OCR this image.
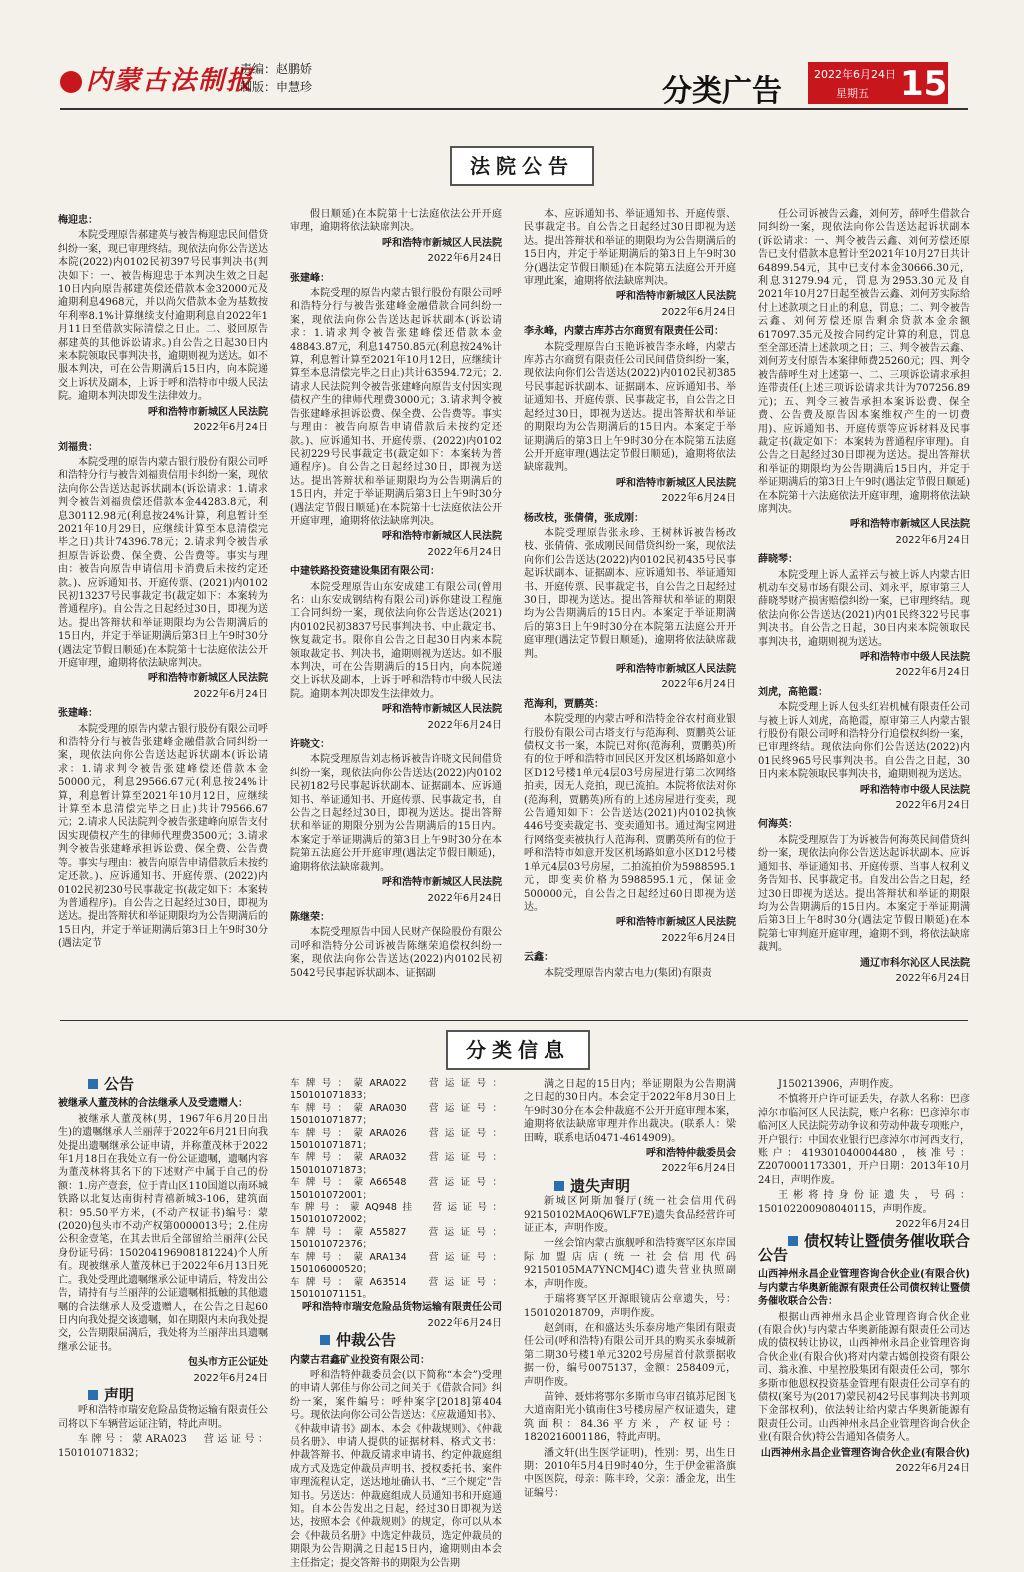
内蒙古法制报
责编：赵鹏娇
制版：申慧珍	分类广告	2022年6月24日
星期五 15
法院公告

梅迎忠：

本院受理原告郝建英与被告梅迎忠民间借贷纠纷一案，现已审理终结。现依法向你公告送达本院(2022)内0102民初397号民事判决书(判决如下：一、被告梅迎忠于本判决生效之日起10日内向原告郝建英偿还借款本金32000元及逾期利息4968元，并以尚欠借款本金为基数按年利率8.1%计算继续支付逾期利息自2022年1月11日至借款实际清偿之日止。二、驳回原告郝建英的其他诉讼请求。)自公告之日起30日内来本院领取民事判决书，逾期则视为送达。如不服本判决，可在公告期满后15日内，向本院递交上诉状及副本，上诉于呼和浩特市中级人民法院。逾期本判决即发生法律效力。

呼和浩特市新城区人民法院

2022年6月24日

刘福贵：

本院受理的原告内蒙古银行股份有限公司呼和浩特分行与被告刘福贵信用卡纠纷一案，现依法向你公告送达起诉状副本(诉讼请求：1.请求判令被告刘福贵偿还借款本金44283.8元，利息30112.98元(利息按24%计算，利息暂计至2021年10月29日，应继续计算至本息清偿完毕之日)共计74396.78元；2.请求判令被告承担原告诉讼费、保全费、公告费等。事实与理由：被告向原告申请信用卡消费后未按约定还款。)、应诉通知书、开庭传票、(2021)内0102民初13237号民事裁定书(裁定如下：本案转为普通程序)。自公告之日起经过30日，即视为送达。提出答辩状和举证期限均为公告期满后的15日内，并定于举证期满后第3日上午9时30分(遇法定节假日顺延)在本院第十七法庭依法公开开庭审理，逾期将依法缺席判决。

呼和浩特市新城区人民法院

2022年6月24日

张建峰：

本院受理的原告内蒙古银行股份有限公司呼和浩特分行与被告张建峰金融借款合同纠纷一案，现依法向你公告送达起诉状副本(诉讼请求：1.请求判令被告张建峰偿还借款本金50000元，利息29566.67元(利息按24%计算，利息暂计算至2021年10月12日，应继续计算至本息清偿完毕之日止)共计79566.67元；2.请求人民法院判令被告张建峰向原告支付因实现债权产生的律师代理费3500元；3.请求判令被告张建峰承担诉讼费、保全费、公告费等。事实与理由：被告向原告申请借款后未按约定还款。)、应诉通知书、开庭传票、(2022)内0102民初230号民事裁定书(裁定如下：本案转为普通程序)。自公告之日起经过30日，即视为送达。提出答辩状和举证期限均为公告期满后的15日内，并定于举证期满后第3日上午9时30分(遇法定节

假日顺延)在本院第十七法庭依法公开开庭审理，逾期将依法缺席判决。

呼和浩特市新城区人民法院

2022年6月24日

张建峰：

本院受理的原告内蒙古银行股份有限公司呼和浩特分行与被告张建峰金融借款合同纠纷一案，现依法向你公告送达起诉状副本(诉讼请求：1.请求判令被告张建峰偿还借款本金48843.87元，利息14750.85元(利息按24%计算，利息暂计算至2021年10月12日，应继续计算至本息清偿完毕之日止)共计63594.72元；2.请求人民法院判令被告张建峰向原告支付因实现债权产生的律师代理费3000元；3.请求判令被告张建峰承担诉讼费、保全费、公告费等。事实与理由：被告向原告申请借款后未按约定还款。)、应诉通知书、开庭传票、(2022)内0102民初229号民事裁定书(裁定如下：本案转为普通程序)。自公告之日起经过30日，即视为送达。提出答辩状和举证期限均为公告期满后的15日内，并定于举证期满后第3日上午9时30分(遇法定节假日顺延)在本院第十七法庭依法公开开庭审理，逾期将依法缺席判决。

呼和浩特市新城区人民法院

2022年6月24日

中建铁路投资建设集团有限公司：

本院受理原告山东安成建工有限公司(曾用名：山东安成钢结构有限公司)诉你建设工程施工合同纠纷一案，现依法向你公告送达(2021)内0102民初3837号民事判决书、中止裁定书、恢复裁定书。限你自公告之日起30日内来本院领取裁定书、判决书，逾期则视为送达。如不服本判决，可在公告期满后的15日内，向本院递交上诉状及副本，上诉于呼和浩特市中级人民法院。逾期本判决即发生法律效力。

呼和浩特市新城区人民法院

2022年6月24日

许晓文：

本院受理原告刘志杨诉被告许晓文民间借贷纠纷一案，现依法向你公告送达(2022)内0102民初182号民事起诉状副本、证据副本、应诉通知书、举证通知书、开庭传票、民事裁定书，自公告之日起经过30日，即视为送达。提出答辩状和举证的期限分别为公告期满后的15日内。本案定于举证期满后的第3日上午9时30分在本院第五法庭公开开庭审理(遇法定节假日顺延)，逾期将依法缺席裁判。

呼和浩特市新城区人民法院

2022年6月24日

陈继荣：

本院受理原告中国人民财产保险股份有限公司呼和浩特分公司诉被告陈继荣追偿权纠纷一案，现依法向你公告送达(2022)内0102民初5042号民事起诉状副本、证据副

本、应诉通知书、举证通知书、开庭传票、民事裁定书。自公告之日起经过30日即视为送达。提出答辩状和举证的期限均为公告期满后的15日内，并定于举证期满后的第3日上午9时30分(遇法定节假日顺延)在本院第五法庭公开开庭审理此案，逾期将依法缺席判决。

呼和浩特市新城区人民法院

2022年6月24日

李永峰，内蒙古库苏古尔商贸有限责任公司：

本院受理原告白玉艳诉被告李永峰，内蒙古库苏古尔商贸有限责任公司民间借贷纠纷一案，现依法向你们公告送达(2022)内0102民初385号民事起诉状副本、证据副本、应诉通知书、举证通知书、开庭传票、民事裁定书，自公告之日起经过30日，即视为送达。提出答辩状和举证的期限均为公告期满后的15日内。本案定于举证期满后的第3日上午9时30分在本院第五法庭公开开庭审理(遇法定节假日顺延)，逾期将依法缺席裁判。

呼和浩特市新城区人民法院

2022年6月24日

杨改枝，张倩倩，张成刚：

本院受理原告张永珍、王树林诉被告杨改枝、张倩倩、张成刚民间借贷纠纷一案，现依法向你们公告送达(2022)内0102民初435号民事起诉状副本、证据副本、应诉通知书、举证通知书、开庭传票、民事裁定书，自公告之日起经过30日，即视为送达。提出答辩状和举证的期限均为公告期满后的15日内。本案定于举证期满后的第3日上午9时30分在本院第五法庭公开开庭审理(遇法定节假日顺延)，逾期将依法缺席裁判。

呼和浩特市新城区人民法院

2022年6月24日

范海利，贾鹏英：

本院受理的内蒙古呼和浩特金谷农村商业银行股份有限公司古塔支行与范海利、贾鹏英公证债权文书一案，本院已对你(范海利，贾鹏英)所有的位于呼和浩特市回民区开发区机场路如意小区D12号楼1单元4层03号房屋进行第二次网络拍卖，因无人竞拍，现已流拍。本院将依法对你(范海利，贾鹏英)所有的上述房屋进行变卖，现公告通知如下：公告送达(2021)内0102执恢446号变卖裁定书、变卖通知书。通过淘宝网进行网络变卖被执行人范海利、贾鹏英所有的位于呼和浩特市如意开发区机场路如意小区D12号楼1单元4层03号房屋，二拍流拍价为5988595.1元，即变卖价格为5988595.1元，保证金500000元，自公告之日起经过60日即视为送达。

呼和浩特市新城区人民法院

2022年6月24日

云鑫：

本院受理原告内蒙古电力(集团)有限责

任公司诉被告云鑫，刘何芳，薛呼生借款合同纠纷一案，现依法向你公告送达起诉状副本(诉讼请求：一、判令被告云鑫、刘何芳偿还原告已支付借款本息暂计至2021年10月27日共计64899.54元，其中已支付本金30666.30元，利息31279.94元，罚息为2953.30元及自2021年10月27日起至被告云鑫、刘何芳实际给付上述款项之日止的利息，罚息；二、判令被告云鑫、刘何芳偿还原告剩余贷款本金余额617097.35元及按合同约定计算的利息，罚息至全部还清上述款项之日；三、判令被告云鑫、刘何芳支付原告本案律师费25260元；四、判令被告薛呼生对上述第一、二、三项诉讼请求承担连带责任(上述三项诉讼请求共计为707256.89元)；五、判令三被告承担本案诉讼费、保全费、公告费及原告因本案维权产生的一切费用)、应诉通知书、开庭传票等应诉材料及民事裁定书(裁定如下：本案转为普通程序审理)。自公告之日起经过30日即视为送达。提出答辩状和举证的期限均为公告期满后15日内，并定于举证期满后的第3日上午9时(遇法定节假日顺延)在本院第十六法庭依法开庭审理，逾期将依法缺席判决。

呼和浩特市新城区人民法院

2022年6月24日

薛晓琴：

本院受理上诉人孟祥云与被上诉人内蒙古旧机动车交易市场有限公司、刘永平，原审第三人薛晓琴财产损害赔偿纠纷一案，已审理终结。现依法向你公告送达(2021)内01民终322号民事判决书。自公告之日起，30日内来本院领取民事判决书，逾期则视为送达。

呼和浩特市中级人民法院

2022年6月24日

刘虎，高艳霞：

本院受理上诉人包头红岩机械有限责任公司与被上诉人刘虎，高艳霞，原审第三人内蒙古银行股份有限公司呼和浩特分行追偿权纠纷一案，已审理终结。现依法向你们公告送达(2022)内01民终965号民事判决书。自公告之日起，30日内来本院领取民事判决书，逾期则视为送达。

呼和浩特市中级人民法院

2022年6月24日

何海英：

本院受理原告丁为诉被告何海英民间借贷纠纷一案，现依法向你公告送达起诉状副本、应诉通知书、举证通知书、开庭传票、当事人权利义务告知书、民事裁定书。自发出公告之日起，经过30日即视为送达。提出答辩状和举证的期限均为公告期满后的15日内。本案定于举证期满后第3日上午8时30分(遇法定节假日顺延)在本院第七审判庭开庭审理，逾期不到，将依法缺席裁判。

通辽市科尔沁区人民法院

2022年6月24日

分类信息

公告

被继承人董茂林的合法继承人及受遗赠人：

被继承人董茂林(男，1967年6月20日出生)的遗嘱继承人兰丽萍于2022年6月21日向我处提出遗嘱继承公证申请，并称董茂林于2022年1月18日在我处立有一份公证遗嘱，遗嘱内容为董茂林将其名下的下述财产中属于自己的份额：1.房产壹套，位于青山区110国道以南环城铁路以北复达南街村青禧新城3-106，建筑面积：95.50平方米，(不动产权证书)编号：蒙(2020)包头市不动产权第0000013号；2.住房公积金壹笔，在其去世后全部留给兰丽萍(公民身份证号码：150204196908181224)个人所有。现被继承人董茂林已于2022年6月13日死亡。我处受理此遗嘱继承公证申请后，特发出公告，请持有与兰丽萍的公证遗嘱相抵触的其他遗嘱的合法继承人及受遗赠人，在公告之日起60日内向我处提交该遗嘱，如在期限内未向我处提交，公告期限届满后，我处将为兰丽萍出具遗嘱继承公证书。

包头市方正公证处

2022年6月24日

声明

呼和浩特市瑞安危险品货物运输有限责任公司将以下车辆营运证注销，特此声明。

车牌号：蒙ARA023　营运证号：150101071832；

车牌号：蒙ARA022　营运证号：150101071833；
车牌号：蒙ARA030　营运证号：150101071877；
车牌号：蒙ARA026　营运证号：150101071871；
车牌号：蒙ARA032　营运证号：150101071873；
车牌号：蒙A66548　营运证号：150101072001；
车牌号：蒙AQ948挂　营运证号：150101072002；
车牌号：蒙A55827　营运证号：150101072376；
车牌号：蒙ARA134　营运证号：150106000520；
车牌号：蒙A63514　营运证号：150101071151。

呼和浩特市瑞安危险品货物运输有限责任公司

2022年6月24日

仲裁公告

内蒙古君鑫矿业投资有限公司：

呼和浩特仲裁委员会(以下简称“本会”)受理的申请人郭佳与你公司之间关于《借款合同》纠纷一案，案件编号：呼仲案字[2018]第404号。现依法向你公司公告送达：《应裁通知书》、《仲裁申请书》副本、本会《仲裁规则》、《仲裁员名册》、申请人提供的证据材料、格式文书：仲裁答辩书、仲裁反请求申请书、约定仲裁庭组成方式及选定仲裁员声明书、授权委托书、案件审理流程认定，送达地址确认书、“三个规定”告知书。另送达：仲裁庭组成人员通知书和开庭通知。自本公告发出之日起，经过30日即视为送达，按照本会《仲裁规则》的规定，你可以从本会《仲裁员名册》中选定仲裁员，选定仲裁员的期限为公告期满之日起15日内，逾期则由本会主任指定；提交答辩书的期限为公告期

满之日起的15日内；举证期限为公告期满之日起的30日内。本会定于2022年8月30日上午9时30分在本会仲裁庭不公开开庭审理本案，逾期将依法缺席审理并作出裁决。(联系人：梁田畴，联系电话0471-4614909)。

呼和浩特仲裁委员会

2022年6月24日

遗失声明

新城区阿斯加餐厅(统一社会信用代码92150102MA0Q6WLF7E)遗失食品经营许可证正本，声明作废。

一丝会馆内蒙古旗舰呼和浩特赛罕区东岸国际加盟店店(统一社会信用代码92150105MA7YNCMJ4C)遗失营业执照副本，声明作废。

于瑞将赛罕区开源眼镜店公章遗失，号：150102018709，声明作废。

赵剑雨，在和盛达头乐泰房地产集团有限责任公司(呼和浩特)有限公司开具的购买永泰城新第二期30号楼1单元3202号房屋首付款票据收据一份，编号0075137，金额：258409元，声明作废。

苗钟、聂炜将鄂尔多斯市乌审召镇苏尼图飞大道南阳光小镇南住3号楼房屋产权证遗失，建筑面积：84.36平方米，产权证号：1820216001186，特此声明。

潘文轩(出生医学证明)，性别：男，出生日期：2010年5月4日9时40分，生于伊金霍洛旗中医医院，母亲：陈丰玲，父亲：潘金龙，出生证编号：

J150213906，声明作废。

不慎将开户许可证丢失，存款人名称：巴彦淖尔市临河区人民法院，账户名称：巴彦淖尔市临河区人民法院劳动争议和劳动仲裁专项账户，开户银行：中国农业银行巴彦淖尔市河西支行，账户：419301040004480，核准号：Z2070001173301，开户日期：2013年10月24日，声明作废。

王彬将持身份证遗失，号码：150102200908040115，声明作废。

2022年6月24日

债权转让暨债务催收联合公告

山西神州永昌企业管理咨询合伙企业(有限合伙)与内蒙古华奥新能源有限责任公司债权转让暨债务催收联合公告：

根据山西神州永昌企业管理咨询合伙企业(有限合伙)与内蒙古华奥新能源有限责任公司达成的债权转让协议，山西神州永昌企业管理咨询合伙企业(有限合伙)将对内蒙古嫣创投资有限公司、翁永淮、中星控股集团有限责任公司，鄂尔多斯市他恩权投资基金管理有限责任公司享有的债权(案号为(2017)蒙民初42号民事判决书判项下金部权利)，依法转让给内蒙古华奥新能源有限责任公司。山西神州永昌企业管理咨询合伙企业(有限合伙)特公告通知各债务人。

山西神州永昌企业管理咨询合伙企业(有限合伙)

2022年6月24日
